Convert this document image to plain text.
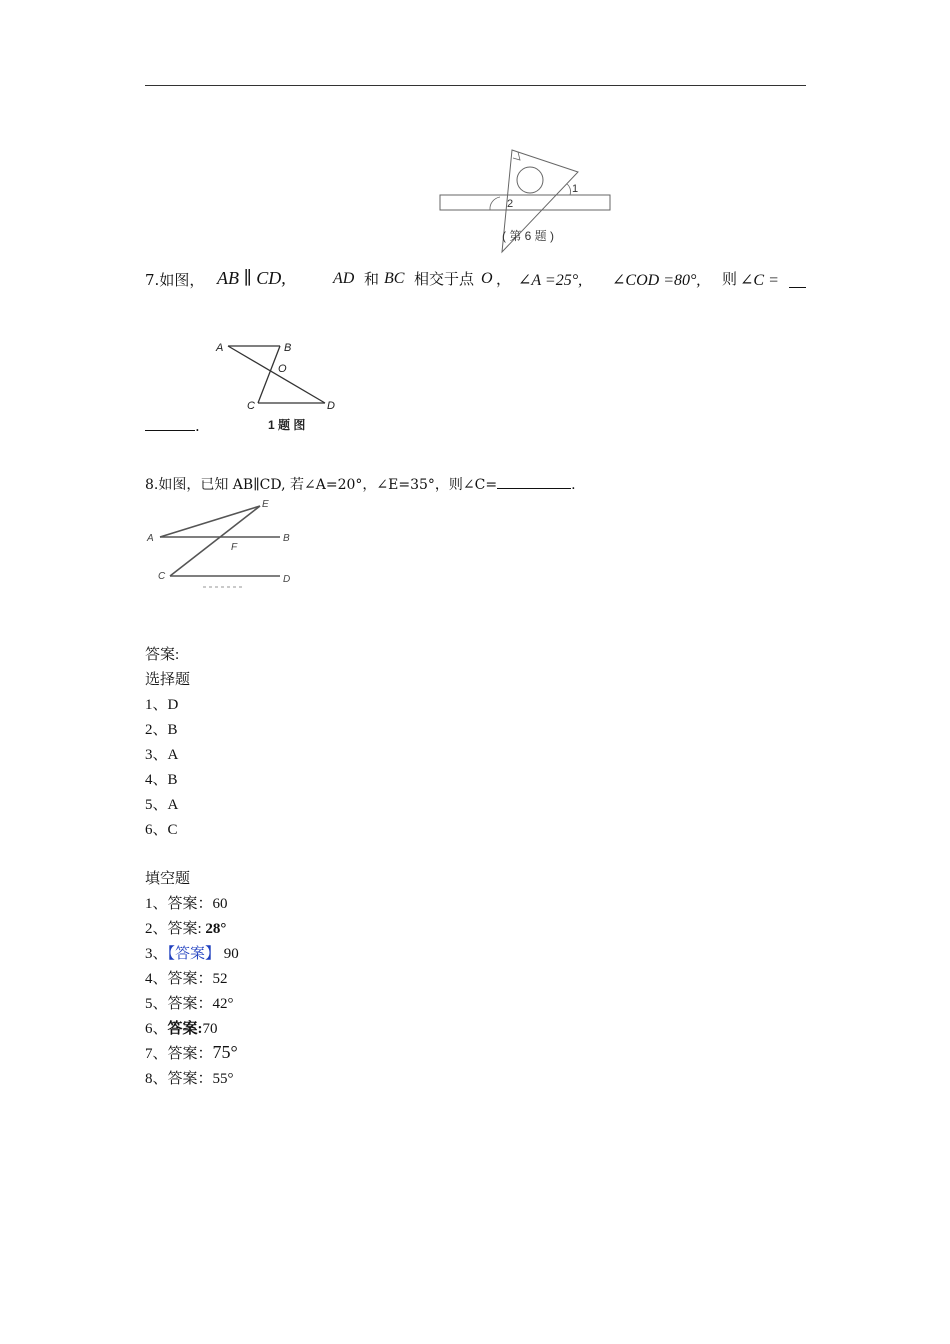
1
2
( 第 6 题 )
7.如图， AB ∥ CD,	AD 和 BC 相交于点 O ， ∠A =25°, ∠COD =80°, 则 ∠C =
A	B
O
C	D
1 题 图
.
8.如图，已知 AB∥CD, 若∠A=20°，∠E=35°，则∠C=	.
A	B
C	D
E
F
答案:
选择题
1、D
2、B
3、A
4、B
5、A
6、C
填空题
1、答案：60
2、答案: 28°
3、【答案】 90
4、答案：52
5、答案：42°
6、答案:70
7、答案：75°
8、答案：55°
